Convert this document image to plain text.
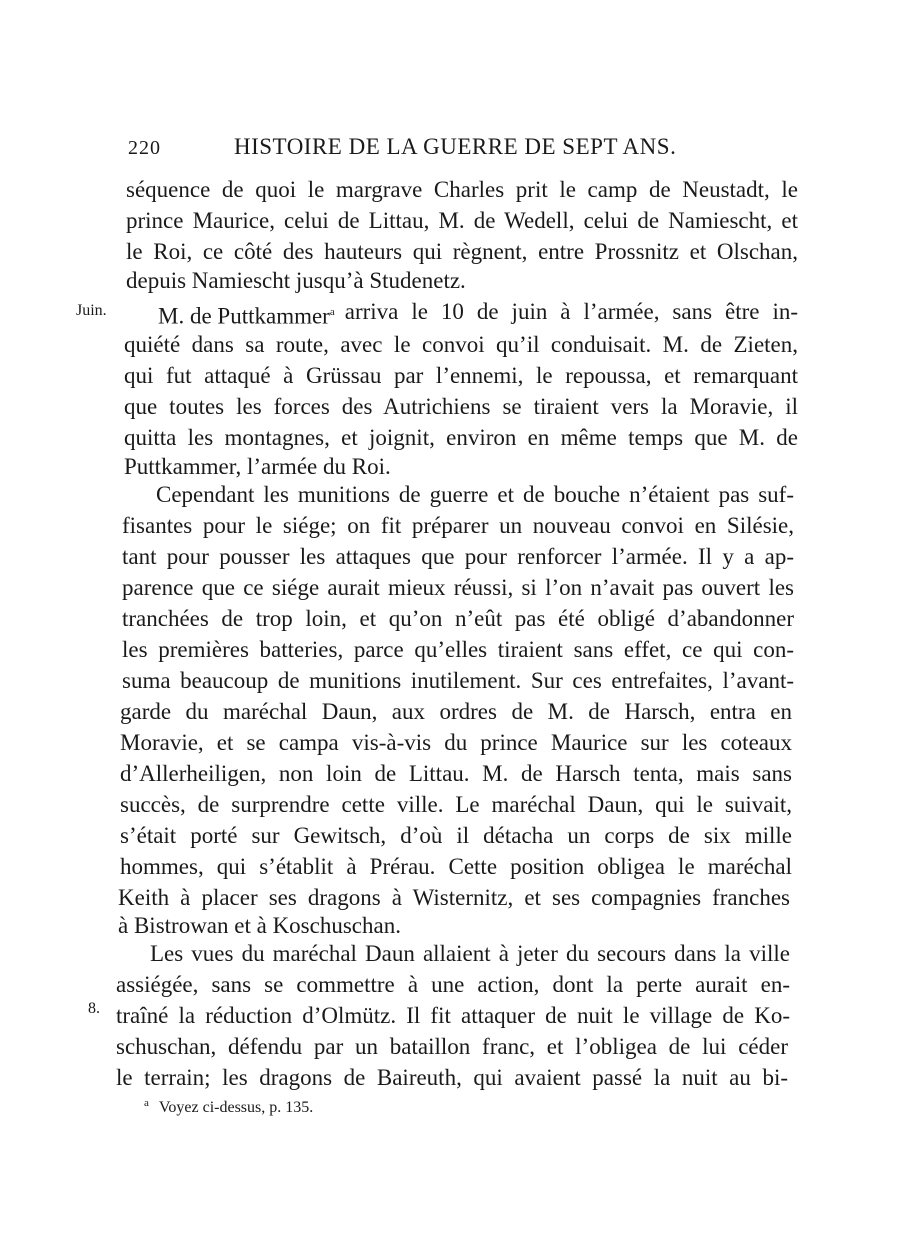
220	HISTOIRE DE LA GUERRE DE SEPT ANS.
Juin.
8.
séquence de quoi le margrave Charles prit le camp de Neustadt, le
prince Maurice, celui de Littau, M. de Wedell, celui de Namiescht, et
le Roi, ce côté des hauteurs qui règnent, entre Prossnitz et Olschan,
depuis Namiescht jusqu’à Studenetz.
M. de Puttkammer$^a$ arriva le 10 de juin à l’armée, sans être in-
quiété dans sa route, avec le convoi qu’il conduisait. M. de Zieten,
qui fut attaqué à Grüssau par l’ennemi, le repoussa, et remarquant
que toutes les forces des Autrichiens se tiraient vers la Moravie, il
quitta les montagnes, et joignit, environ en même temps que M. de
Puttkammer, l’armée du Roi.
Cependant les munitions de guerre et de bouche n’étaient pas suf-
fisantes pour le siége; on fit préparer un nouveau convoi en Silésie,
tant pour pousser les attaques que pour renforcer l’armée. Il y a ap-
parence que ce siége aurait mieux réussi, si l’on n’avait pas ouvert les
tranchées de trop loin, et qu’on n’eût pas été obligé d’abandonner
les premières batteries, parce qu’elles tiraient sans effet, ce qui con-
suma beaucoup de munitions inutilement. Sur ces entrefaites, l’avant-
garde du maréchal Daun, aux ordres de M. de Harsch, entra en
Moravie, et se campa vis-à-vis du prince Maurice sur les coteaux
d’Allerheiligen, non loin de Littau. M. de Harsch tenta, mais sans
succès, de surprendre cette ville. Le maréchal Daun, qui le suivait,
s’était porté sur Gewitsch, d’où il détacha un corps de six mille
hommes, qui s’établit à Prérau. Cette position obligea le maréchal
Keith à placer ses dragons à Wisternitz, et ses compagnies franches
à Bistrowan et à Koschuschan.
Les vues du maréchal Daun allaient à jeter du secours dans la ville
assiégée, sans se commettre à une action, dont la perte aurait en-
traîné la réduction d’Olmütz. Il fit attaquer de nuit le village de Ko-
schuschan, défendu par un bataillon franc, et l’obligea de lui céder
le terrain; les dragons de Baireuth, qui avaient passé la nuit au bi-
$^a$ Voyez ci-dessus, p. 135.
